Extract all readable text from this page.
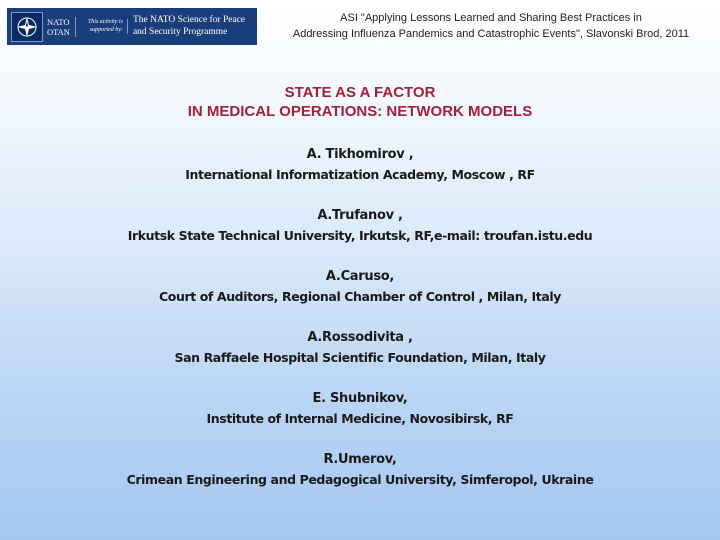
NATO
OTAN
This activity is supported by:
The NATO Science for Peace
and Security Programme
ASI "Applying Lessons Learned and Sharing Best Practices in
Addressing Influenza Pandemics and Catastrophic Events", Slavonski Brod, 2011
STATE AS A FACTOR
IN MEDICAL OPERATIONS: NETWORK MODELS
A. Tikhomirov ,
International Informatization Academy, Moscow , RF
A.Trufanov ,
Irkutsk State Technical University, Irkutsk, RF,e-mail: troufan.istu.edu
A.Caruso,
Court of Auditors, Regional Chamber of Control , Milan, Italy
A.Rossodivita ,
San Raffaele Hospital Scientific Foundation, Milan, Italy
E. Shubnikov,
Institute of Internal Medicine, Novosibirsk, RF
R.Umerov,
Crimean Engineering and Pedagogical University, Simferopol, Ukraine
